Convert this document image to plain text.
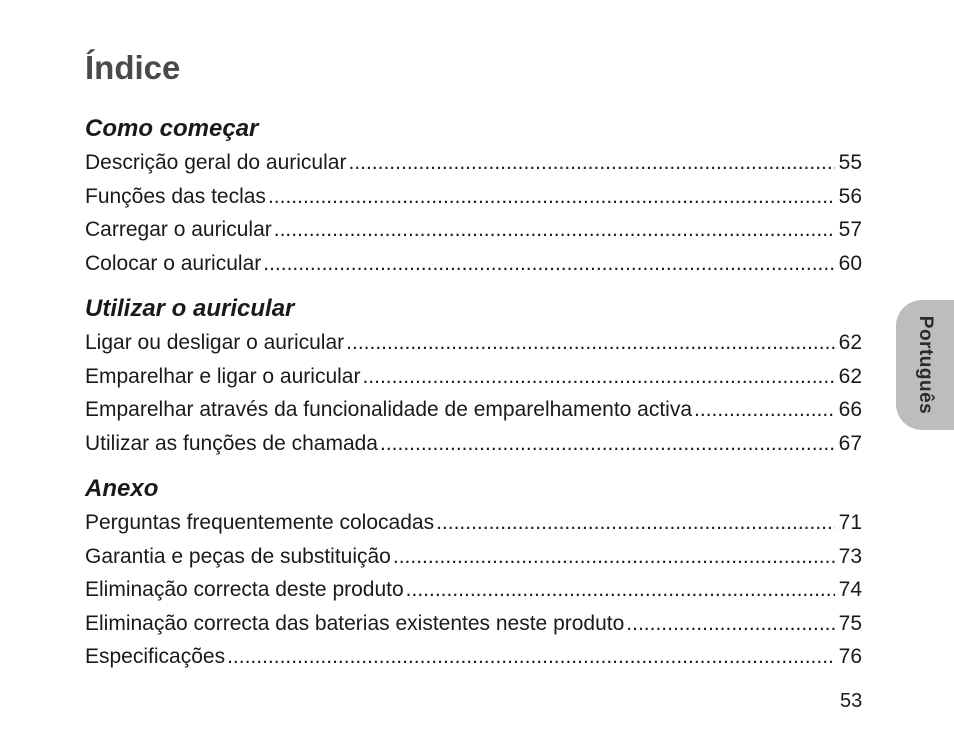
Índice
Como começar
Descrição geral do auricular .....	55
Funções das teclas .....	56
Carregar o auricular .....	57
Colocar o auricular .....	60
Utilizar o auricular
Ligar ou desligar o auricular .....	62
Emparelhar e ligar o auricular .....	62
Emparelhar através da funcionalidade de emparelhamento activa .....	66
Utilizar as funções de chamada .....	67
Anexo
Perguntas frequentemente colocadas .....	71
Garantia e peças de substituição .....	73
Eliminação correcta deste produto .....	74
Eliminação correcta das baterias existentes neste produto .....	75
Especificações .....	76
Português
53
